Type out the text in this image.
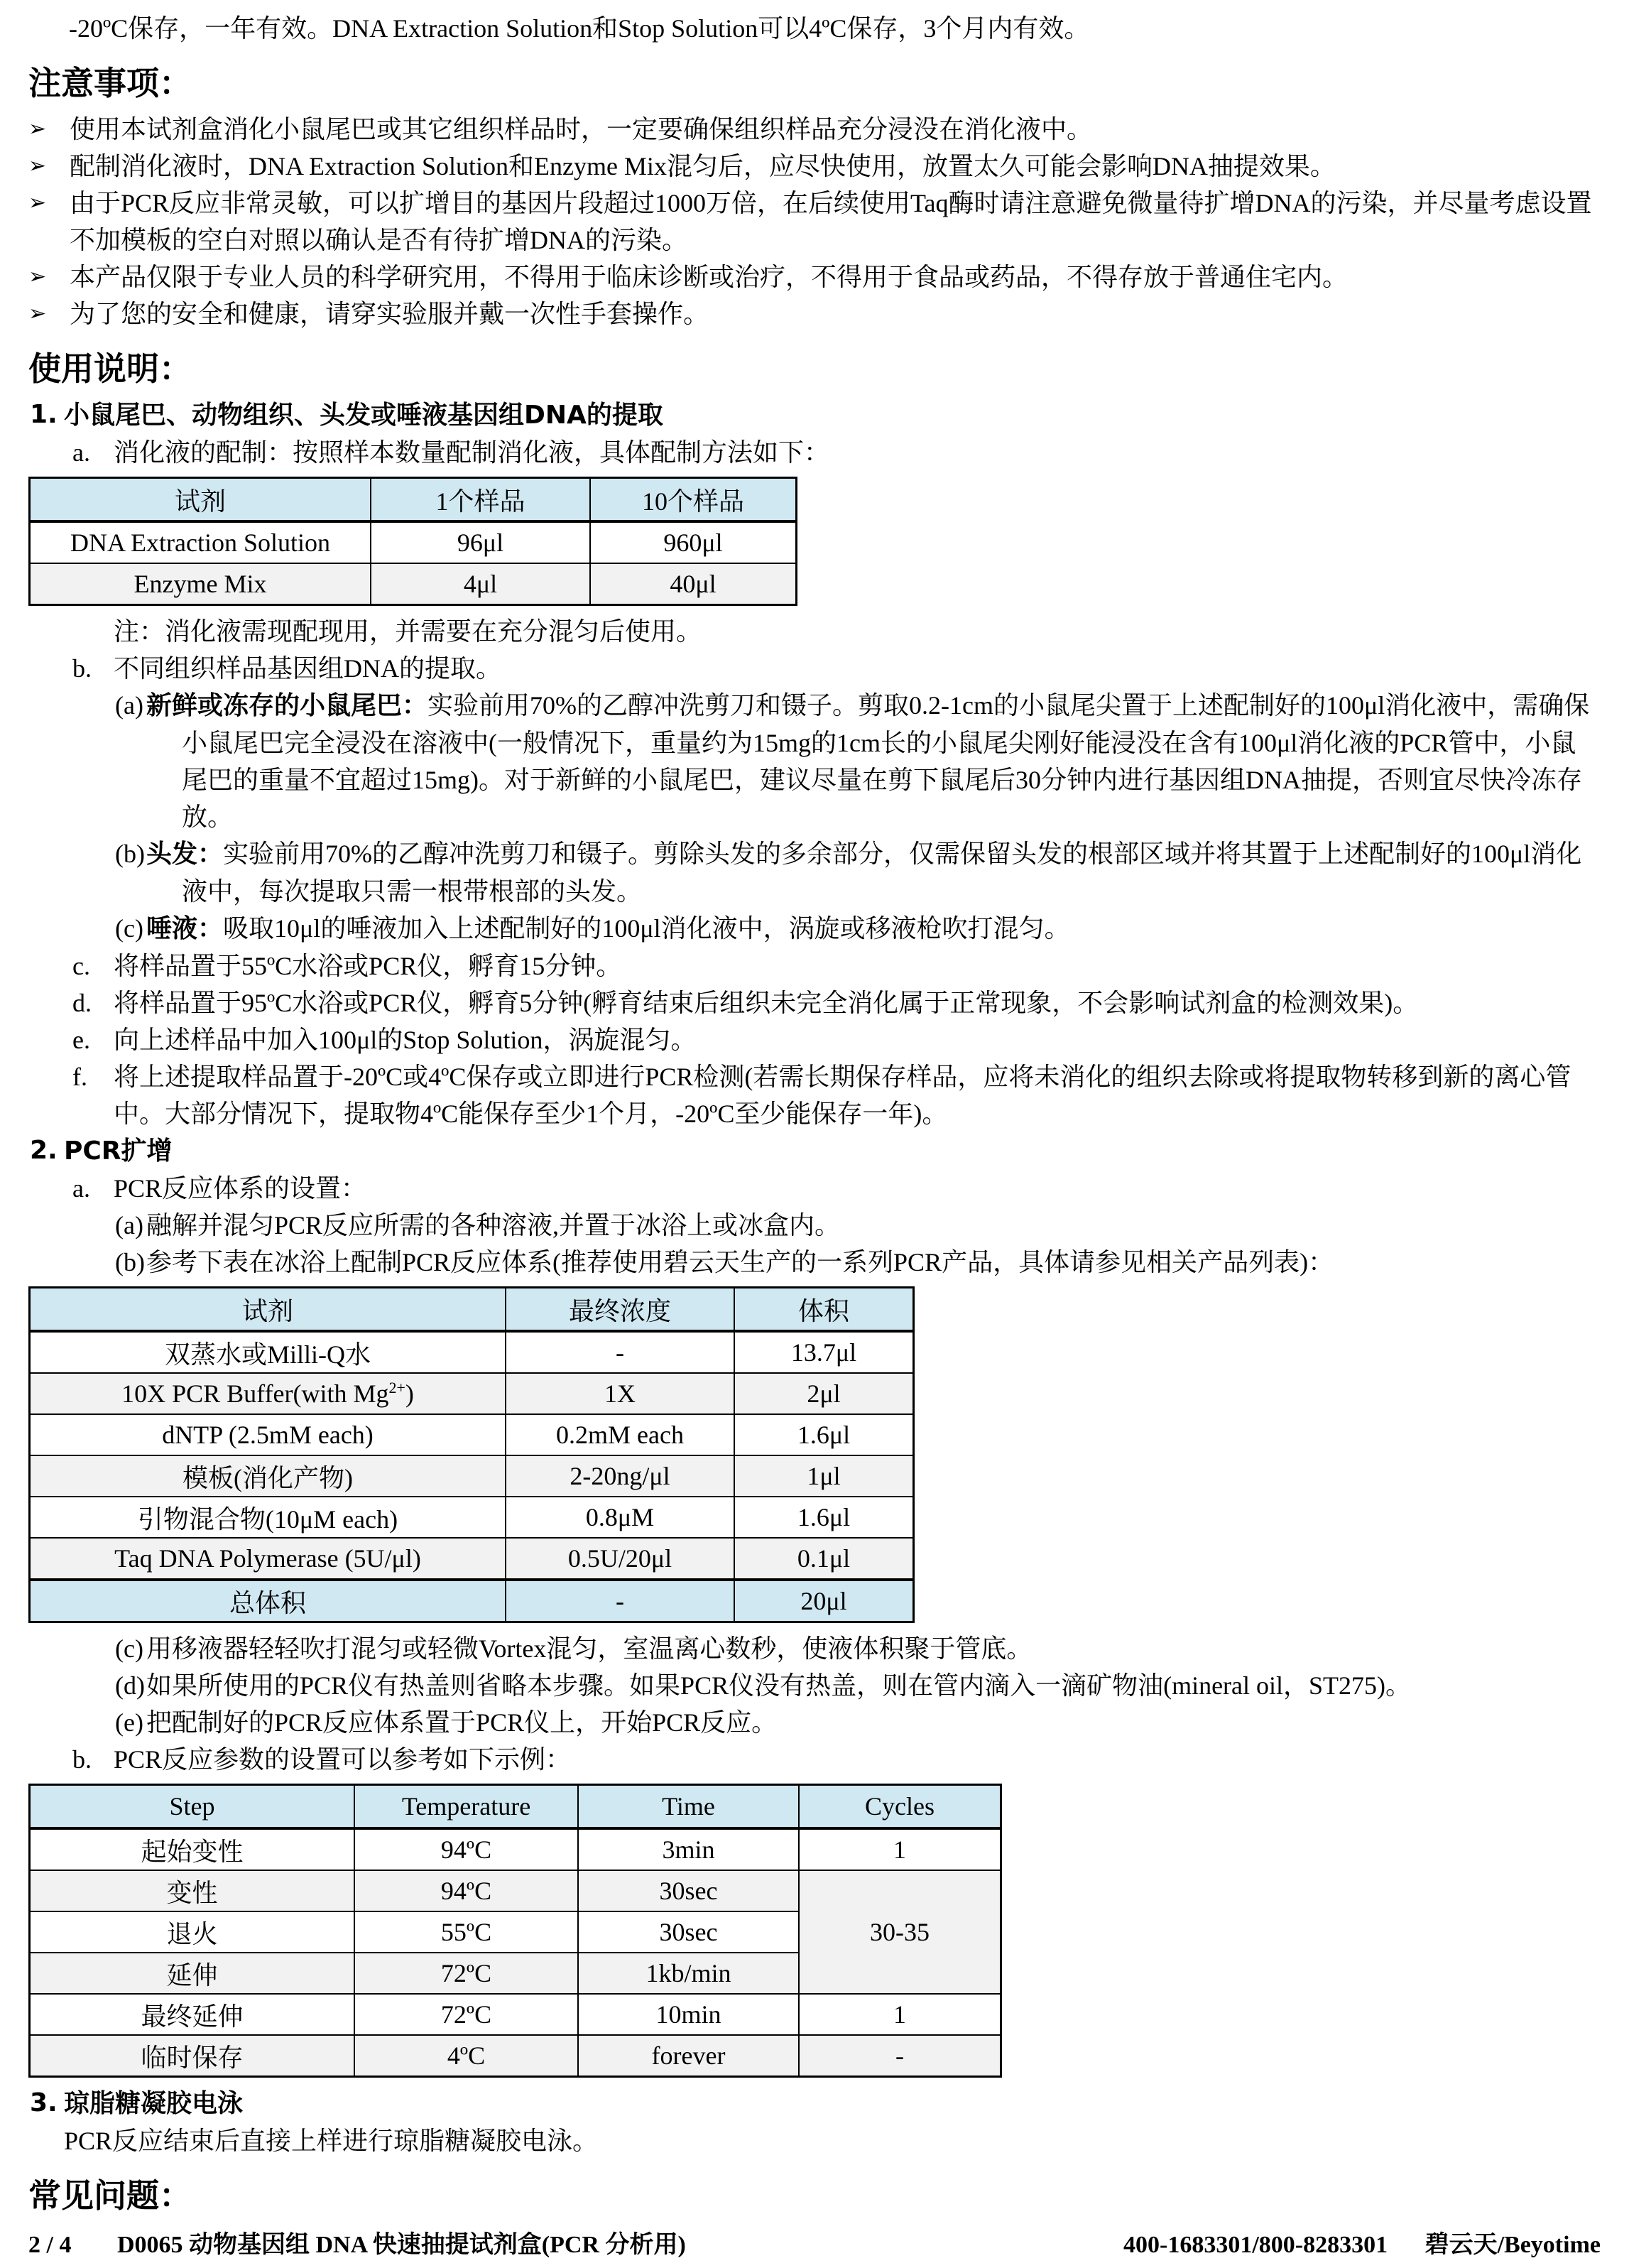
-20ºC保存，一年有效。DNA Extraction Solution和Stop Solution可以4ºC保存，3个月内有效。

注意事项：
➢ 使用本试剂盒消化小鼠尾巴或其它组织样品时，一定要确保组织样品充分浸没在消化液中。
➢ 配制消化液时，DNA Extraction Solution和Enzyme Mix混匀后，应尽快使用，放置太久可能会影响DNA抽提效果。
➢ 由于PCR反应非常灵敏，可以扩增目的基因片段超过1000万倍，在后续使用Taq酶时请注意避免微量待扩增DNA的污染，并尽量考虑设置不加模板的空白对照以确认是否有待扩增DNA的污染。
➢ 本产品仅限于专业人员的科学研究用，不得用于临床诊断或治疗，不得用于食品或药品，不得存放于普通住宅内。
➢ 为了您的安全和健康，请穿实验服并戴一次性手套操作。
使用说明：
1. 小鼠尾巴、动物组织、头发或唾液基因组DNA的提取
a. 消化液的配制：按照样本数量配制消化液，具体配制方法如下：
试剂	1个样品	10个样品
DNA Extraction Solution	96μl	960μl
Enzyme Mix	4μl	40μl
注：消化液需现配现用，并需要在充分混匀后使用。
b. 不同组织样品基因组DNA的提取。
(a) 新鲜或冻存的小鼠尾巴：实验前用70%的乙醇冲洗剪刀和镊子。剪取0.2-1cm的小鼠尾尖置于上述配制好的100μl消化液中，需确保小鼠尾巴完全浸没在溶液中(一般情况下，重量约为15mg的1cm长的小鼠尾尖刚好能浸没在含有100μl消化液的PCR管中，小鼠尾巴的重量不宜超过15mg)。对于新鲜的小鼠尾巴，建议尽量在剪下鼠尾后30分钟内进行基因组DNA抽提，否则宜尽快冷冻存放。
(b) 头发：实验前用70%的乙醇冲洗剪刀和镊子。剪除头发的多余部分，仅需保留头发的根部区域并将其置于上述配制好的100μl消化液中，每次提取只需一根带根部的头发。
(c) 唾液：吸取10μl的唾液加入上述配制好的100μl消化液中，涡旋或移液枪吹打混匀。
c. 将样品置于55ºC水浴或PCR仪，孵育15分钟。
d. 将样品置于95ºC水浴或PCR仪，孵育5分钟(孵育结束后组织未完全消化属于正常现象，不会影响试剂盒的检测效果)。
e. 向上述样品中加入100μl的Stop Solution，涡旋混匀。
f. 将上述提取样品置于-20ºC或4ºC保存或立即进行PCR检测(若需长期保存样品，应将未消化的组织去除或将提取物转移到新的离心管中。大部分情况下，提取物4ºC能保存至少1个月，-20ºC至少能保存一年)。
2. PCR扩增
a. PCR反应体系的设置：
(a) 融解并混匀PCR反应所需的各种溶液,并置于冰浴上或冰盒内。
(b) 参考下表在冰浴上配制PCR反应体系(推荐使用碧云天生产的一系列PCR产品，具体请参见相关产品列表)：
试剂	最终浓度	体积
双蒸水或Milli-Q水	-	13.7μl
10X PCR Buffer(with $Mg^{2+}$)	1X	2μl
dNTP (2.5mM each)	0.2mM each	1.6μl
模板(消化产物)	2-20ng/μl	1μl
引物混合物(10μM each)	0.8μM	1.6μl
Taq DNA Polymerase (5U/μl)	0.5U/20μl	0.1μl
总体积	-	20μl
(c) 用移液器轻轻吹打混匀或轻微Vortex混匀，室温离心数秒，使液体积聚于管底。
(d) 如果所使用的PCR仪有热盖则省略本步骤。如果PCR仪没有热盖，则在管内滴入一滴矿物油(mineral oil，ST275)。
(e) 把配制好的PCR反应体系置于PCR仪上，开始PCR反应。
b. PCR反应参数的设置可以参考如下示例：
Step	Temperature	Time	Cycles
起始变性	94ºC	3min	1
变性	94ºC	30sec	30-35
退火	55ºC	30sec	
延伸	72ºC	1kb/min	
最终延伸	72ºC	10min	1
临时保存	4ºC	forever	-
3. 琼脂糖凝胶电泳
PCR反应结束后直接上样进行琼脂糖凝胶电泳。
常见问题：
2 / 4 D0065 动物基因组 DNA 快速抽提试剂盒(PCR 分析用)	400-1683301/800-8283301 碧云天/Beyotime
